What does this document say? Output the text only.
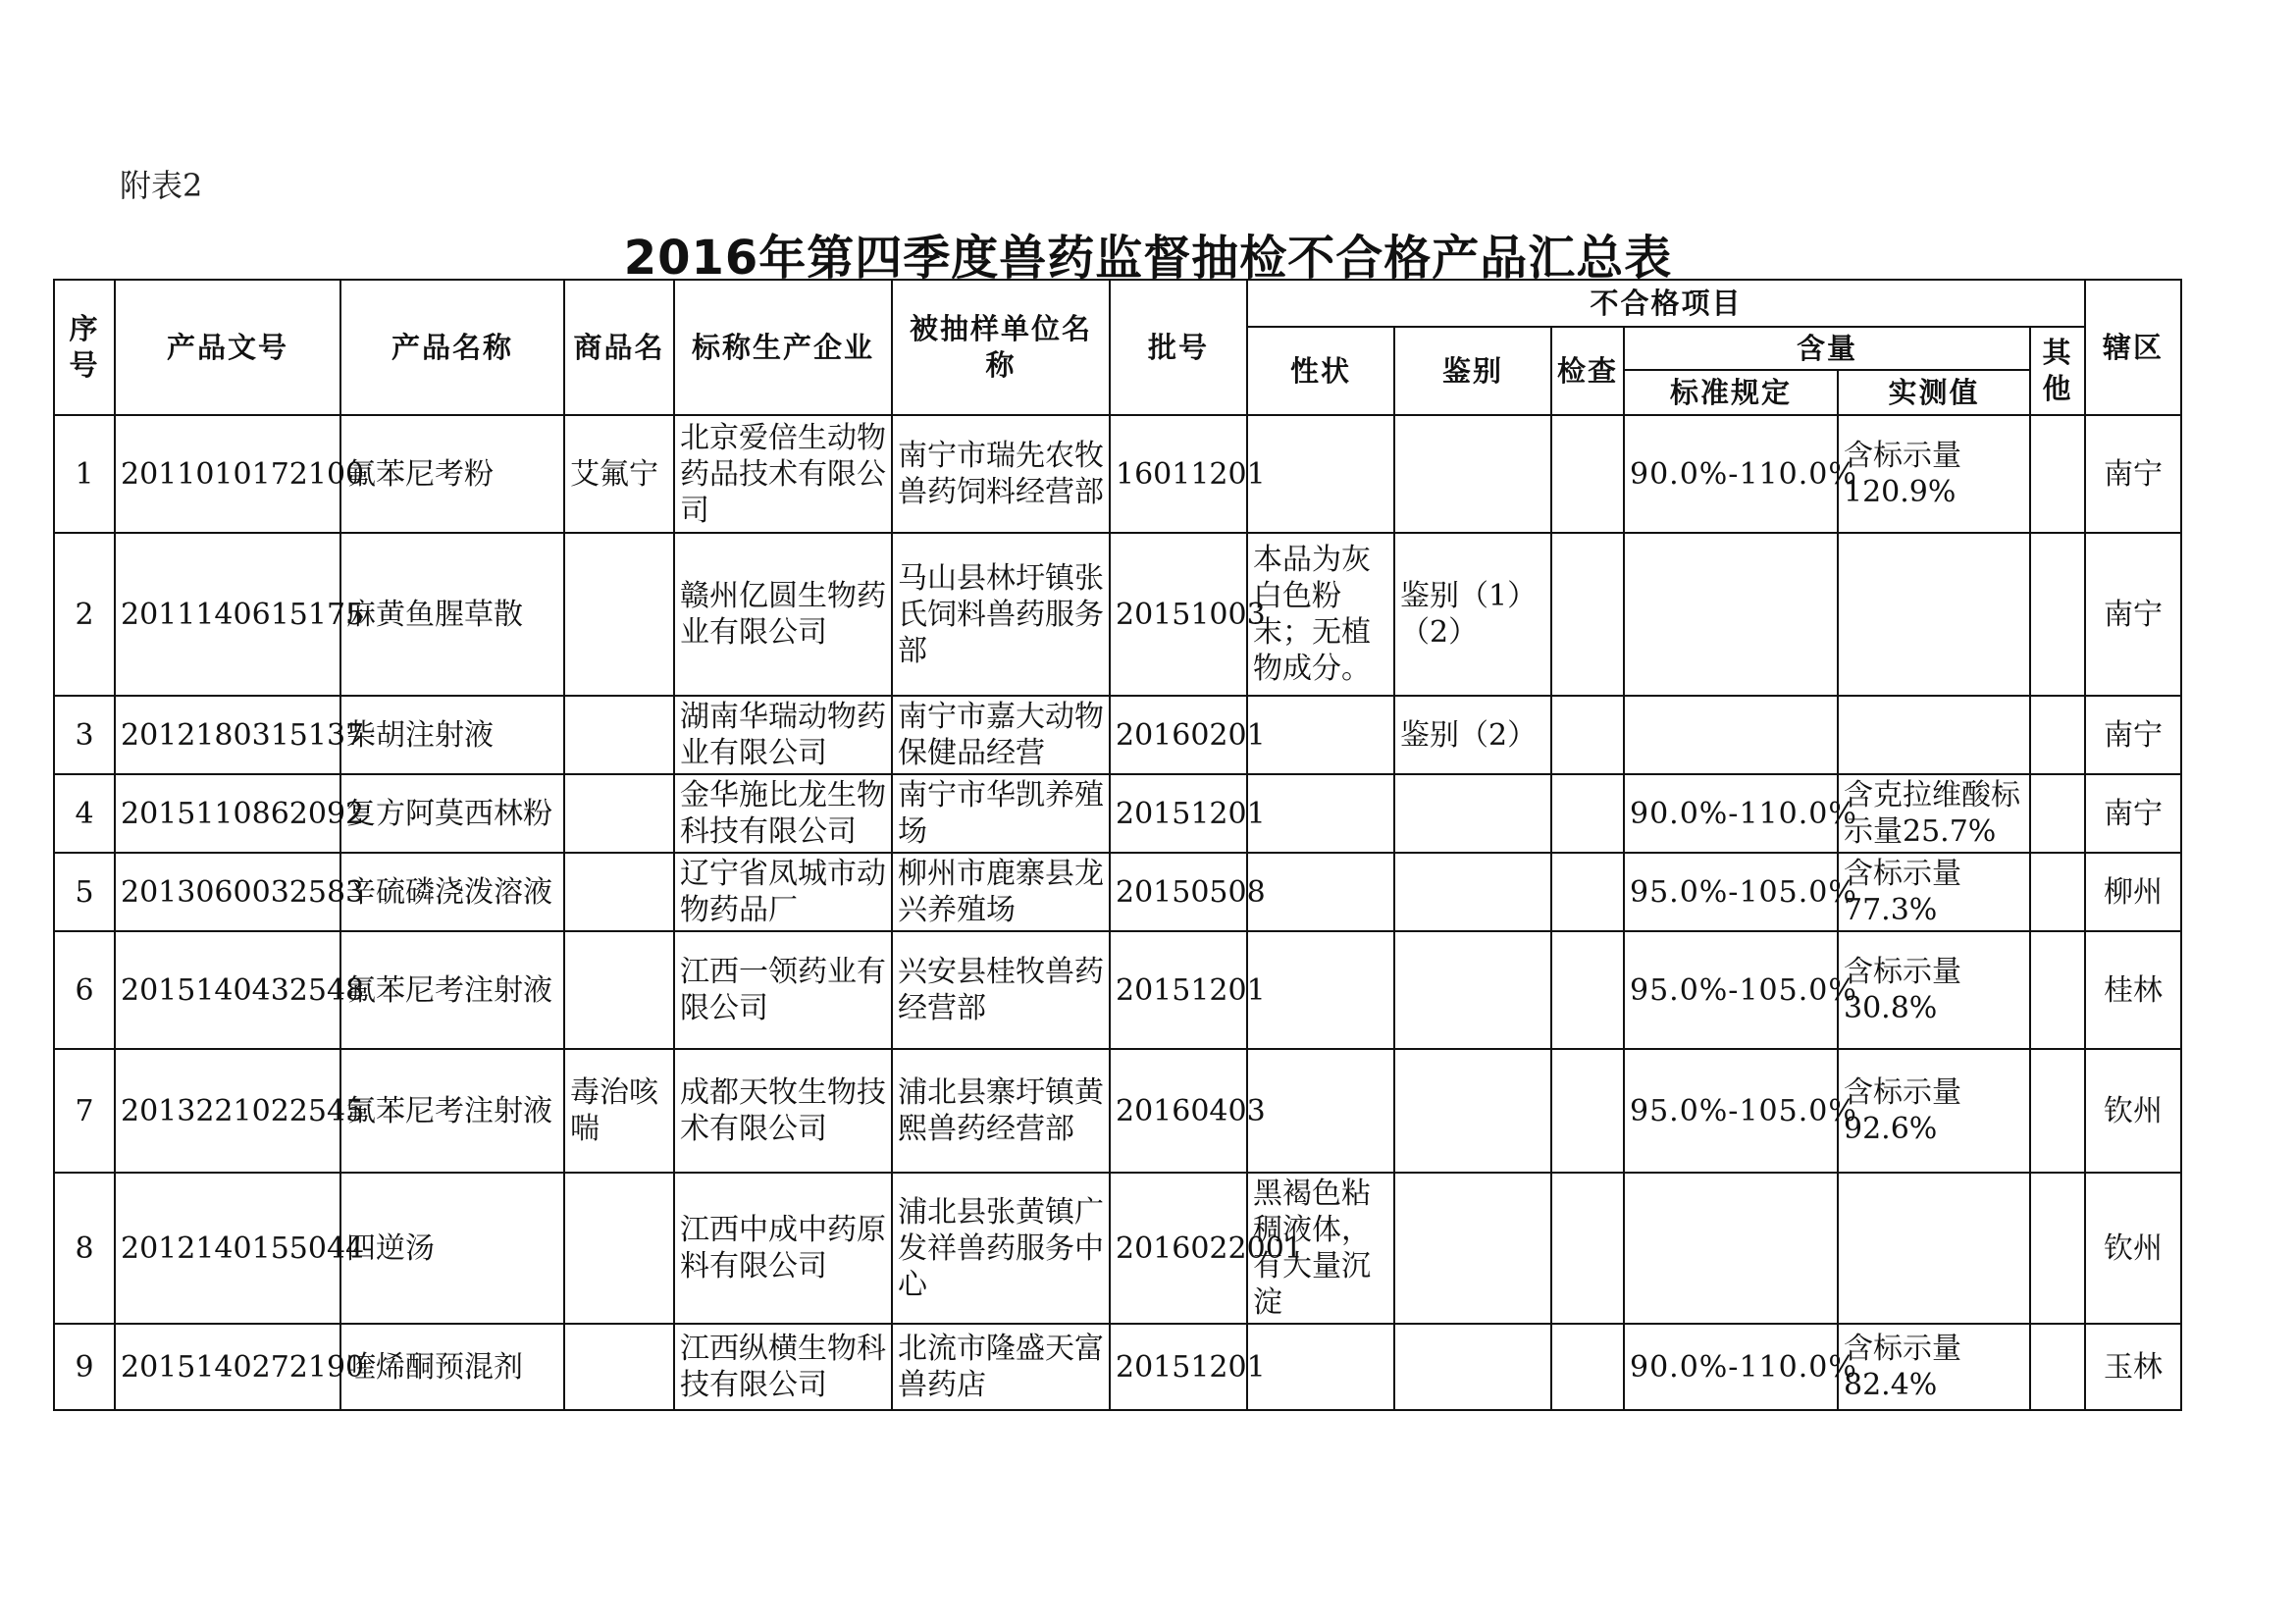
附表2
2016年第四季度兽药监督抽检不合格产品汇总表
序号	产品文号	产品名称	商品名	标称生产企业	被抽样单位名称	批号	不合格项目						辖区
							性状	鉴别	检查	含量		其他	
										标准规定	实测值		
1	2011010172100	氟苯尼考粉	艾氟宁	北京爱倍生动物药品技术有限公司	南宁市瑞先农牧兽药饲料经营部	16011201				90.0%-110.0%	含标示量120.9%		南宁
2	2011140615175	麻黄鱼腥草散		赣州亿圆生物药业有限公司	马山县林圩镇张氏饲料兽药服务部	20151003	本品为灰白色粉末；无植物成分。	鉴别（1）（2）					南宁
3	2012180315137	柴胡注射液		湖南华瑞动物药业有限公司	南宁市嘉大动物保健品经营	20160201		鉴别（2）					南宁
4	2015110862092	复方阿莫西林粉		金华施比龙生物科技有限公司	南宁市华凯养殖场	20151201				90.0%-110.0%	含克拉维酸标示量25.7%		南宁
5	2013060032583	辛硫磷浇泼溶液		辽宁省凤城市动物药品厂	柳州市鹿寨县龙兴养殖场	20150508				95.0%-105.0%	含标示量77.3%		柳州
6	2015140432548	氟苯尼考注射液		江西一领药业有限公司	兴安县桂牧兽药经营部	20151201				95.0%-105.0%	含标示量30.8%		桂林
7	2013221022545	氟苯尼考注射液	毒治咳喘	成都天牧生物技术有限公司	浦北县寨圩镇黄熙兽药经营部	20160403				95.0%-105.0%	含标示量92.6%		钦州
8	2012140155044	四逆汤		江西中成中药原料有限公司	浦北县张黄镇广发祥兽药服务中心	2016022001	黑褐色粘稠液体，有大量沉淀						钦州
9	2015140272190	喹烯酮预混剂		江西纵横生物科技有限公司	北流市隆盛天富兽药店	20151201				90.0%-110.0%	含标示量82.4%		玉林
